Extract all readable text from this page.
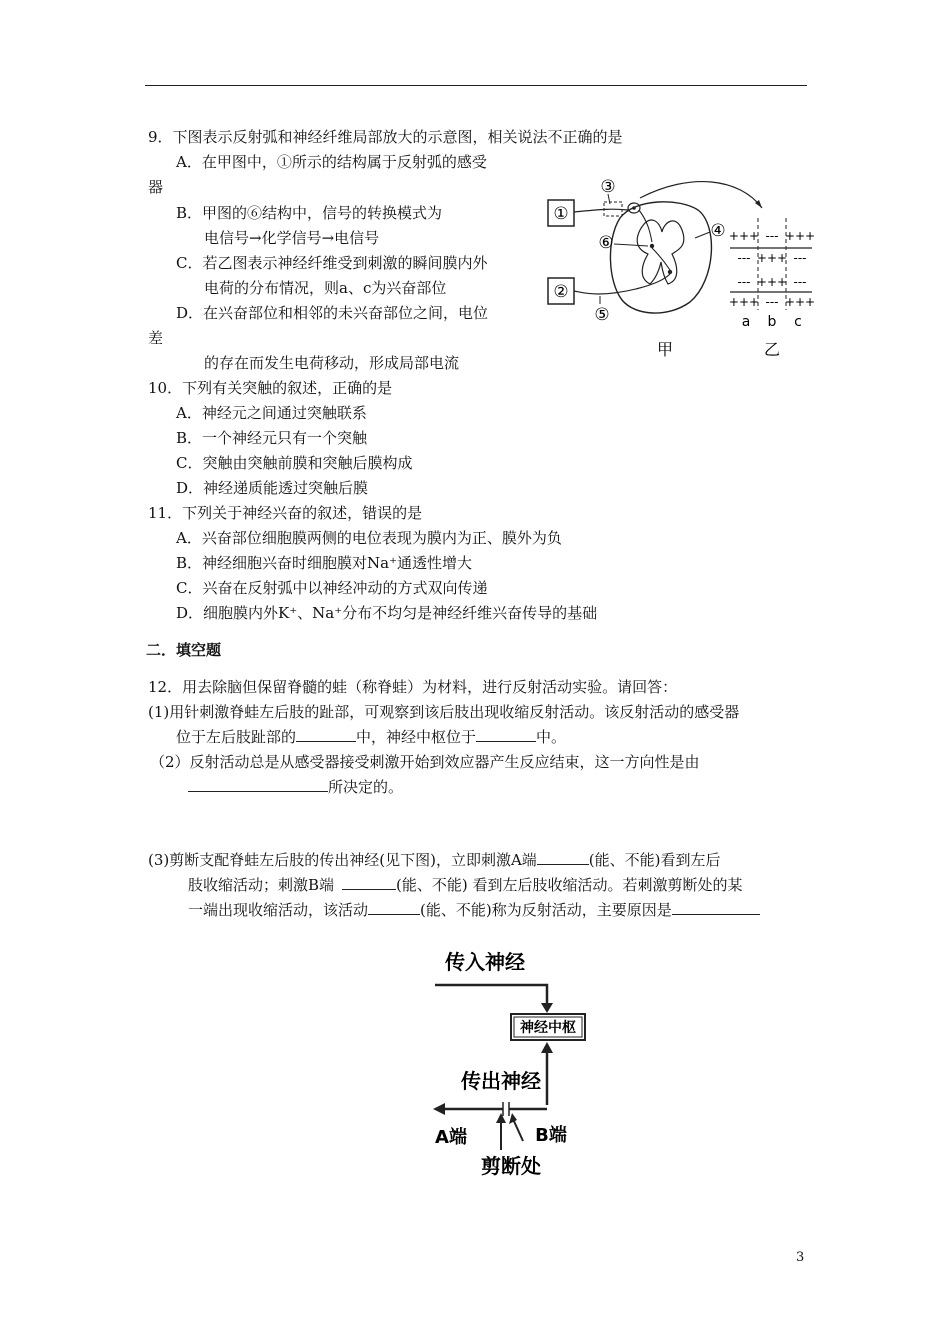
9．下图表示反射弧和神经纤维局部放大的示意图，相关说法不正确的是
A．在甲图中，①所示的结构属于反射弧的感受
器
B．甲图的⑥结构中，信号的转换模式为
电信号→化学信号→电信号
C．若乙图表示神经纤维受到刺激的瞬间膜内外
电荷的分布情况，则a、c为兴奋部位
D．在兴奋部位和相邻的未兴奋部位之间，电位
差
的存在而发生电荷移动，形成局部电流
①
②
③
④
⑥
⑤
+++ --- +++
--- +++ ---
--- +++ ---
+++ --- +++
a b c
甲	乙
10．下列有关突触的叙述，正确的是
A．神经元之间通过突触联系
B．一个神经元只有一个突触
C．突触由突触前膜和突触后膜构成
D．神经递质能透过突触后膜
11．下列关于神经兴奋的叙述，错误的是
A．兴奋部位细胞膜两侧的电位表现为膜内为正、膜外为负
B．神经细胞兴奋时细胞膜对Na⁺通透性增大
C．兴奋在反射弧中以神经冲动的方式双向传递
D．细胞膜内外K⁺、Na⁺分布不均匀是神经纤维兴奋传导的基础
二．填空题
12．用去除脑但保留脊髓的蛙（称脊蛙）为材料，进行反射活动实验。请回答：
(1)用针刺激脊蛙左后肢的趾部，可观察到该后肢出现收缩反射活动。该反射活动的感受器
位于左后肢趾部的	中，神经中枢位于	中。
（2）反射活动总是从感受器接受刺激开始到效应器产生反应结束，这一方向性是由
所决定的。
(3)剪断支配脊蛙左后肢的传出神经(见下图)，立即刺激A端	(能、不能)看到左后
肢收缩活动；刺激B端	(能、不能) 看到左后肢收缩活动。若刺激剪断处的某
一端出现收缩活动，该活动	(能、不能)称为反射活动，主要原因是
传入神经
神经中枢
传出神经
A端	B端
剪断处
3
